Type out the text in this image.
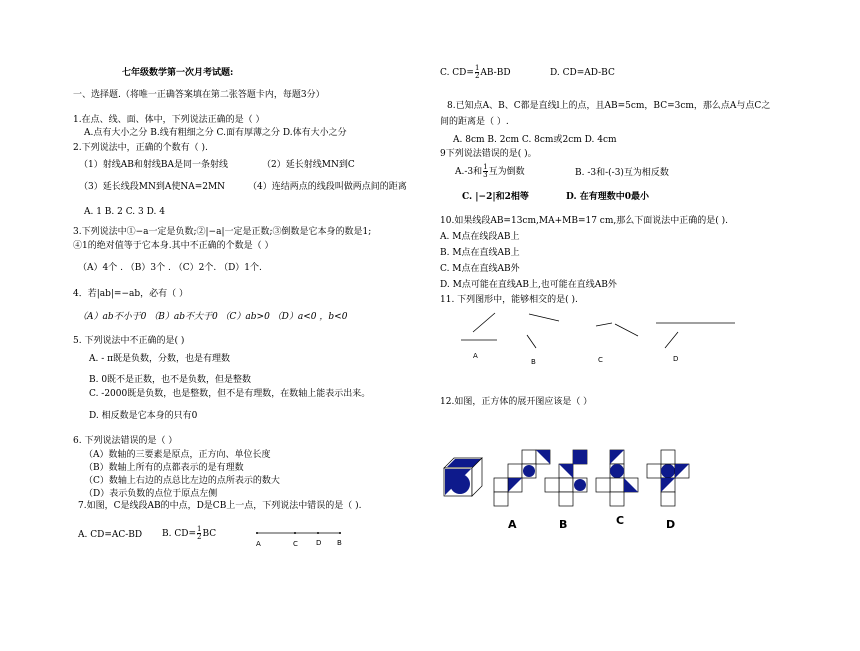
七年级数学第一次月考试题:
一、选择题.（将唯一正确答案填在第二张答题卡内，每题3分）
1.在点、线、面、体中，下列说法正确的是（ ）
A.点有大小之分 B.线有粗细之分 C.面有厚薄之分 D.体有大小之分
2.下列说法中，正确的个数有（ ).
（1）射线AB和射线BA是同一条射线	（2）延长射线MN到C
（3）延长线段MN到A使NA=2MN	（4）连结两点的线段叫做两点间的距离
A. 1 B. 2 C. 3 D. 4
3.下列说法中①−a一定是负数;②|−a|一定是正数;③倒数是它本身的数是1;
④1的绝对值等于它本身.其中不正确的个数是（ ）
（A）4个 . （B）3个 . （C）2个. （D）1个.
4．若|ab|=−ab，必有（ ）
（A）ab不小于0 （B）ab不大于0 （C）ab>0 （D）a<0 ，b<0
5. 下列说法中不正确的是( )
A. - π既是负数，分数，也是有理数
B. 0既不是正数，也不是负数，但是整数
C. -2000既是负数，也是整数，但不是有理数，在数轴上能表示出来。
D. 相反数是它本身的只有0
6. 下列说法错误的是（ ）
（A）数轴的三要素是原点，正方向、单位长度
（B）数轴上所有的点都表示的是有理数
（C）数轴上右边的点总比左边的点所表示的数大
（D）表示负数的点位于原点左侧
7.如图，C是线段AB的中点，D是CB上一点，下列说法中错误的是（ ).
A. CD=AC-BD B. $CD= \frac{1}{2}$ BC
A	C	D B
C. $CD= \frac{1}{2} AB-BD$	D. CD=AD-BC
8.已知点A、B、C都是直线l上的点，且AB=5cm，BC=3cm，那么点A与点C之
间的距离是（ ）.
A. 8cm B. 2cm C. 8cm或2cm D. 4cm
9下列说法错误的是( )。
A.-3和 $\frac{1}{3}$ 互为倒数	B. -3和-(-3)互为相反数
C. |−2|和2相等	D. 在有理数中0最小
10.如果线段AB=13cm,MA+MB=17 cm,那么下面说法中正确的是( ).
A. M点在线段AB上
B. M点在直线AB上
C. M点在直线AB外
D. M点可能在直线AB上,也可能在直线AB外
11. 下列图形中，能够相交的是( ).
A
B	C	D
12.如图，正方体的展开图应该是（ ）
A	B	C	D
